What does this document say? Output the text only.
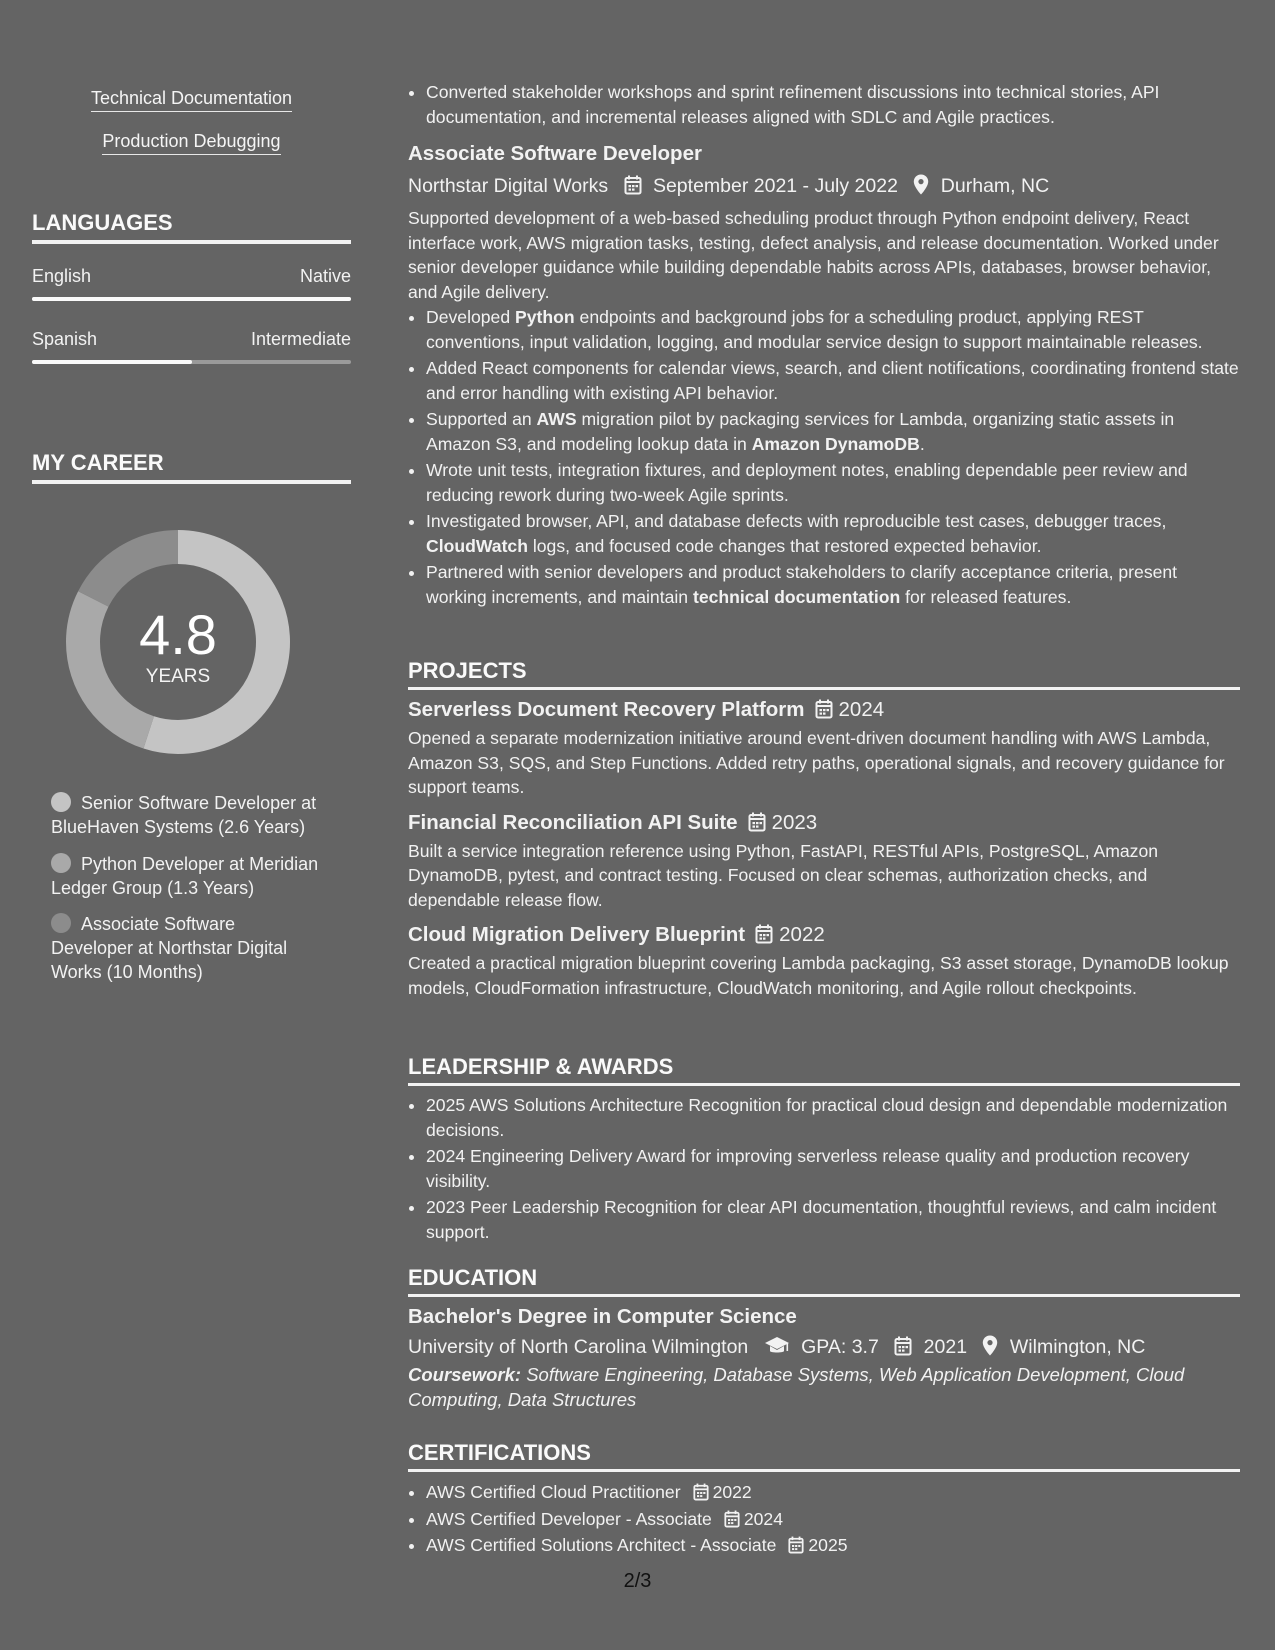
Technical Documentation
Production Debugging
LANGUAGES
English	Native
Spanish	Intermediate
MY CAREER
4.8
YEARS
Senior Software Developer at BlueHaven Systems (2.6 Years)
Python Developer at Meridian Ledger Group (1.3 Years)
Associate Software Developer at Northstar Digital Works (10 Months)
• Converted stakeholder workshops and sprint refinement discussions into technical stories, API documentation, and incremental releases aligned with SDLC and Agile practices.
Associate Software Developer
Northstar Digital Works September 2021 - July 2022 Durham, NC
Supported development of a web-based scheduling product through Python endpoint delivery, React interface work, AWS migration tasks, testing, defect analysis, and release documentation. Worked under senior developer guidance while building dependable habits across APIs, databases, browser behavior, and Agile delivery.
• Developed Python endpoints and background jobs for a scheduling product, applying REST conventions, input validation, logging, and modular service design to support maintainable releases.
• Added React components for calendar views, search, and client notifications, coordinating frontend state and error handling with existing API behavior.
• Supported an AWS migration pilot by packaging services for Lambda, organizing static assets in Amazon S3, and modeling lookup data in Amazon DynamoDB.
• Wrote unit tests, integration fixtures, and deployment notes, enabling dependable peer review and reducing rework during two-week Agile sprints.
• Investigated browser, API, and database defects with reproducible test cases, debugger traces, CloudWatch logs, and focused code changes that restored expected behavior.
• Partnered with senior developers and product stakeholders to clarify acceptance criteria, present working increments, and maintain technical documentation for released features.
PROJECTS
Serverless Document Recovery Platform 2024
Opened a separate modernization initiative around event-driven document handling with AWS Lambda, Amazon S3, SQS, and Step Functions. Added retry paths, operational signals, and recovery guidance for support teams.
Financial Reconciliation API Suite 2023
Built a service integration reference using Python, FastAPI, RESTful APIs, PostgreSQL, Amazon DynamoDB, pytest, and contract testing. Focused on clear schemas, authorization checks, and dependable release flow.
Cloud Migration Delivery Blueprint 2022
Created a practical migration blueprint covering Lambda packaging, S3 asset storage, DynamoDB lookup models, CloudFormation infrastructure, CloudWatch monitoring, and Agile rollout checkpoints.
LEADERSHIP & AWARDS
• 2025 AWS Solutions Architecture Recognition for practical cloud design and dependable modernization decisions.
• 2024 Engineering Delivery Award for improving serverless release quality and production recovery visibility.
• 2023 Peer Leadership Recognition for clear API documentation, thoughtful reviews, and calm incident support.
EDUCATION
Bachelor's Degree in Computer Science
University of North Carolina Wilmington	GPA: 3.7 2021 Wilmington, NC
Coursework: Software Engineering, Database Systems, Web Application Development, Cloud Computing, Data Structures
CERTIFICATIONS
• AWS Certified Cloud Practitioner 2022
• AWS Certified Developer - Associate 2024
• AWS Certified Solutions Architect - Associate 2025
2/3
